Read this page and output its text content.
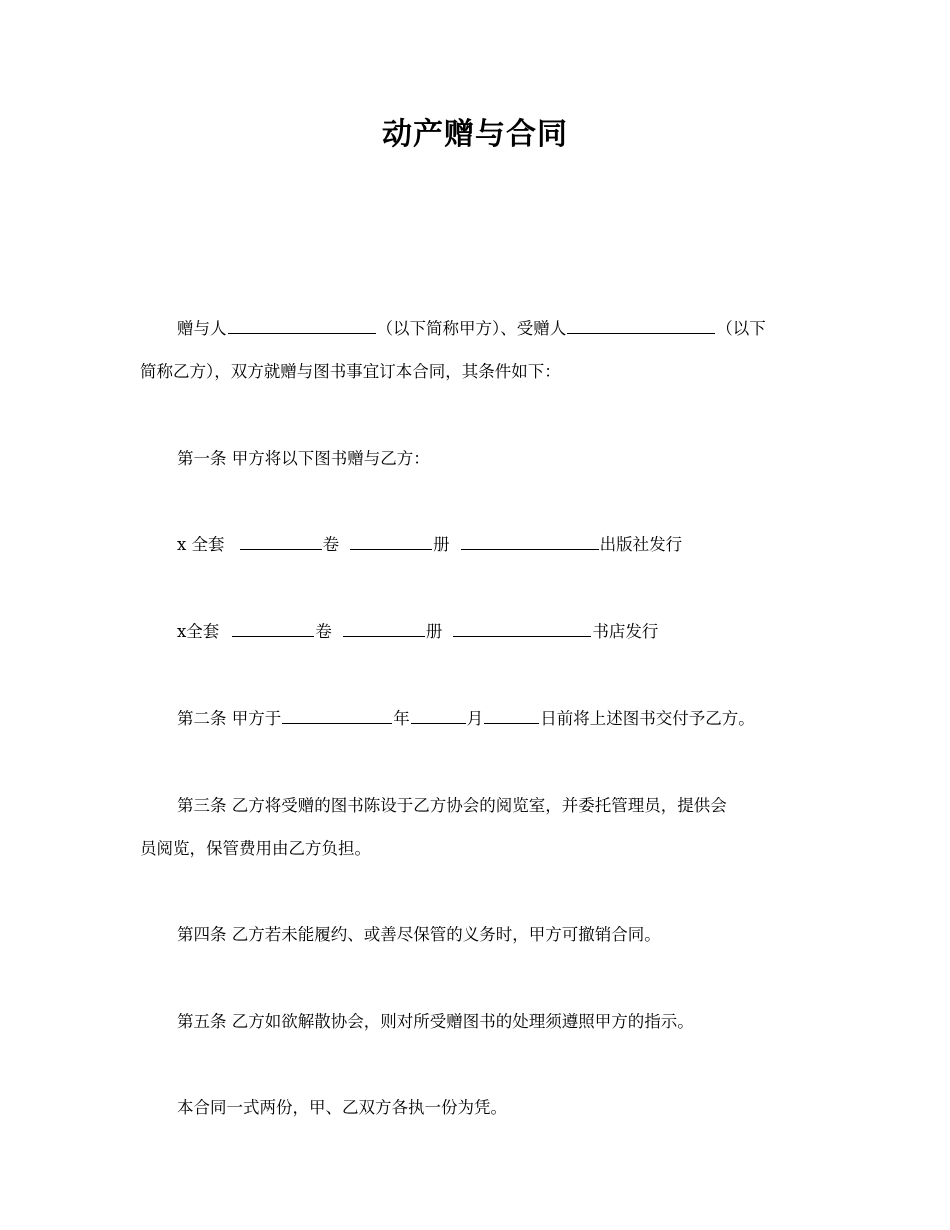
动产赠与合同
赠与人	（以下简称甲方）、受赠人	（以下
简称乙方），双方就赠与图书事宜订本合同，其条件如下：
第一条 甲方将以下图书赠与乙方：
x 全套	卷	册	出版社发行
x全套	卷	册	书店发行
第二条 甲方于	年	月	日前将上述图书交付予乙方。
第三条 乙方将受赠的图书陈设于乙方协会的阅览室，并委托管理员，提供会
员阅览，保管费用由乙方负担。
第四条 乙方若未能履约、或善尽保管的义务时，甲方可撤销合同。
第五条 乙方如欲解散协会，则对所受赠图书的处理须遵照甲方的指示。
本合同一式两份，甲、乙双方各执一份为凭。
